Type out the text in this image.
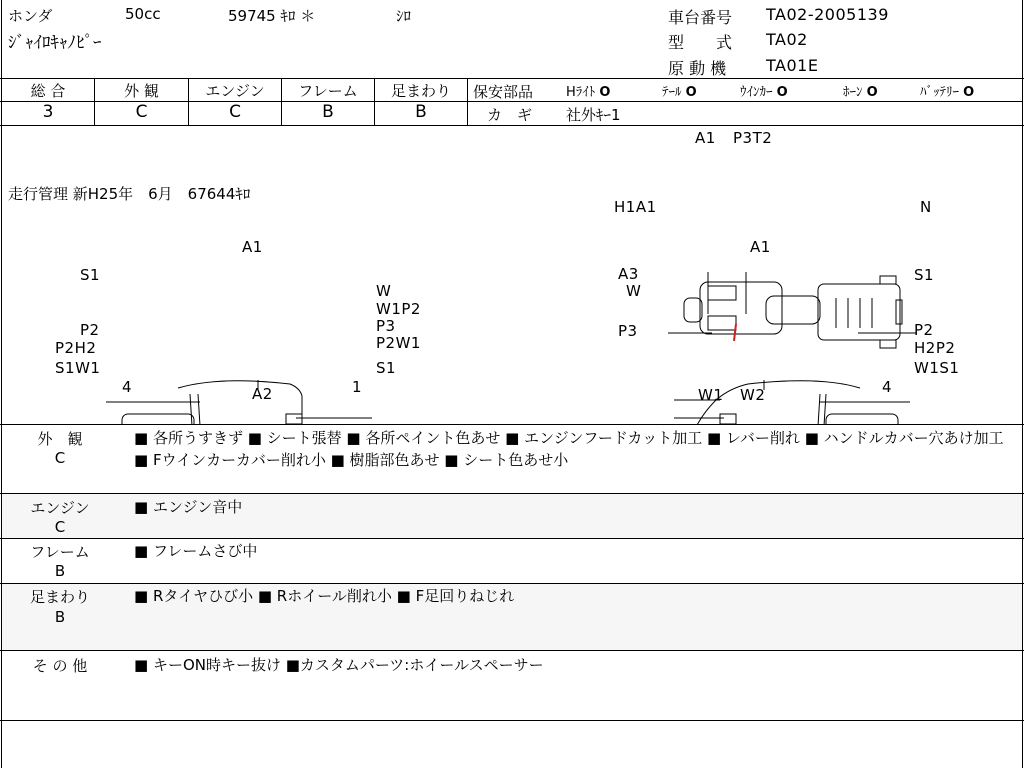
ホンダ	50cc	59745 ｷﾛ ＊	ｼﾛ
ｼﾞｬｲﾛｷｬﾉﾋﾟｰ
車台番号 TA02-2005139
型　　式 TA02
原 動 機 TA01E
総 合	外 観	エンジン	フレーム	足まわり
3	C	C	B	B
保安部品	Hﾗｲﾄ O	ﾃｰﾙ O	ｳｲﾝｶｰ O	ﾎｰﾝ O	ﾊﾞｯﾃﾘｰ O
カ　ギ 社外ｷｰ1
走行管理 新H25年　6月　67644ｷﾛ
A1 P3T2
H1A1	N
A1
S1
W
W1P2
P3
P2
P2W1
P2H2
S1W1	S1
4	1
A2
A1
A3	S1
W
P3	P2
H2P2
W1S1
4
W1 W2
外　観
C
■ 各所うすきず ■ シート張替 ■ 各所ペイント色あせ ■ エンジンフードカット加工 ■ レバー削れ ■ ハンドルカバー穴あけ加工 ■ Fウインカーカバー削れ小 ■ 樹脂部色あせ ■ シート色あせ小
エンジン
C
■ エンジン音中
フレーム
B
■ フレームさび中
足まわり
B
■ Rタイヤひび小 ■ Rホイール削れ小 ■ F足回りねじれ
そ の 他	■ キーON時キー抜け ■カスタムパーツ:ホイールスペーサー
